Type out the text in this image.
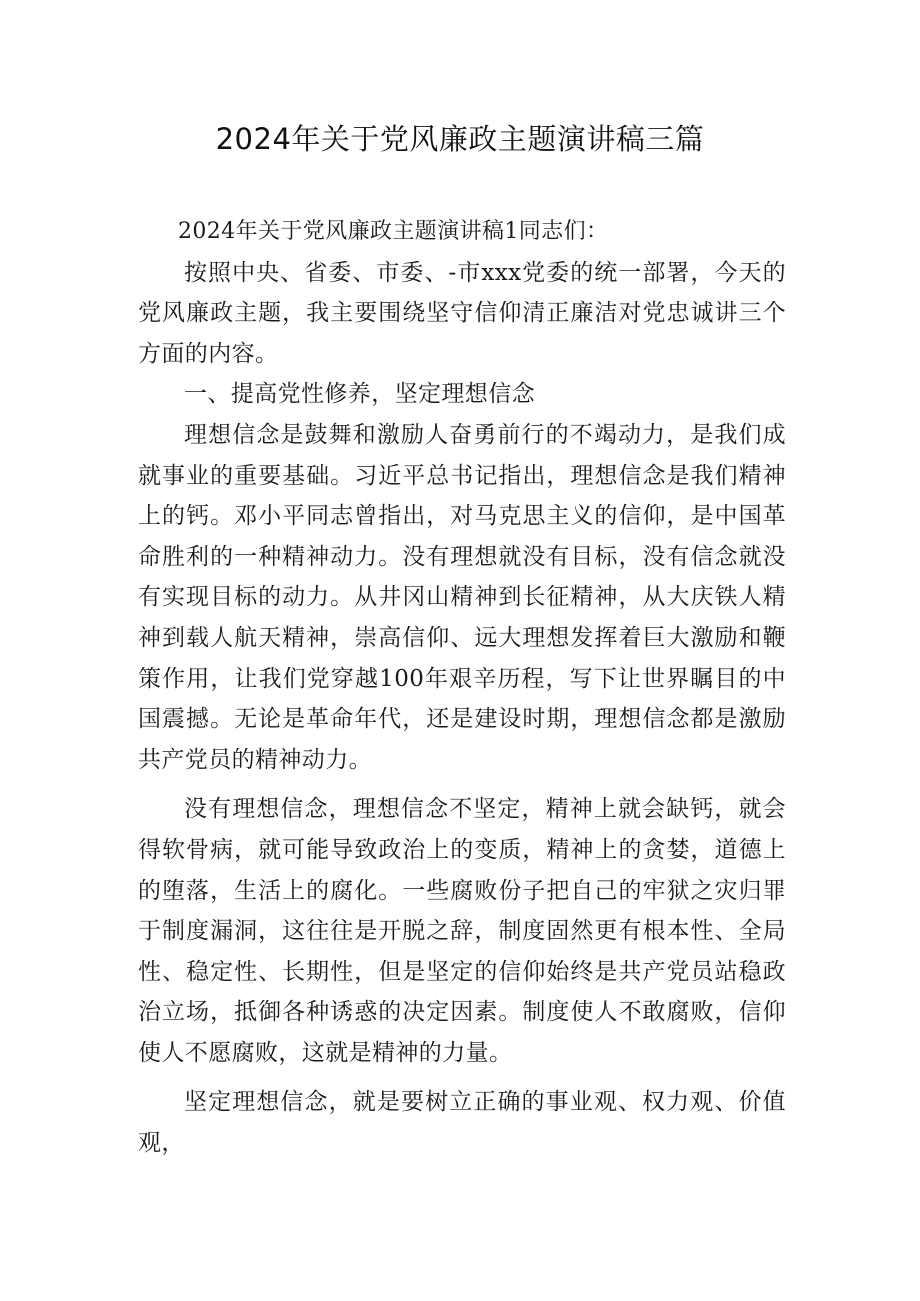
2024年关于党风廉政主题演讲稿三篇

2024年关于党风廉政主题演讲稿1同志们：

按照中央、省委、市委、-市xxx党委的统一部署，今天的党风廉政主题，我主要围绕坚守信仰清正廉洁对党忠诚讲三个方面的内容。

一、提高党性修养，坚定理想信念

理想信念是鼓舞和激励人奋勇前行的不竭动力，是我们成就事业的重要基础。习近平总书记指出，理想信念是我们精神上的钙。邓小平同志曾指出，对马克思主义的信仰，是中国革命胜利的一种精神动力。没有理想就没有目标，没有信念就没有实现目标的动力。从井冈山精神到长征精神，从大庆铁人精神到载人航天精神，崇高信仰、远大理想发挥着巨大激励和鞭策作用，让我们党穿越100年艰辛历程，写下让世界瞩目的中国震撼。无论是革命年代，还是建设时期，理想信念都是激励共产党员的精神动力。

没有理想信念，理想信念不坚定，精神上就会缺钙，就会得软骨病，就可能导致政治上的变质，精神上的贪婪，道德上的堕落，生活上的腐化。一些腐败份子把自己的牢狱之灾归罪于制度漏洞，这往往是开脱之辞，制度固然更有根本性、全局性、稳定性、长期性，但是坚定的信仰始终是共产党员站稳政治立场，抵御各种诱惑的决定因素。制度使人不敢腐败，信仰使人不愿腐败，这就是精神的力量。

坚定理想信念，就是要树立正确的事业观、权力观、价值观，
